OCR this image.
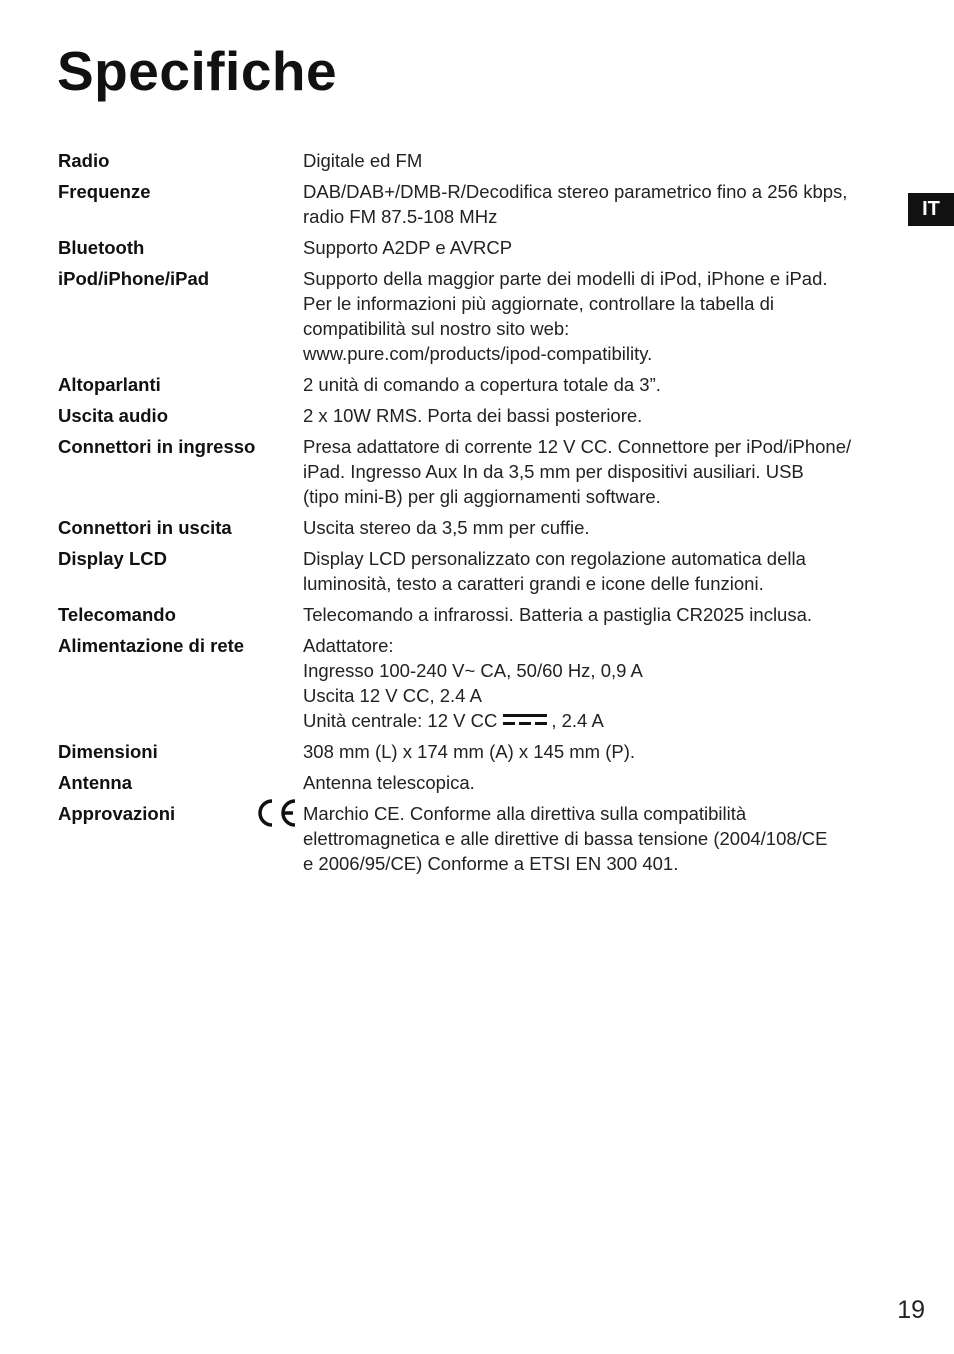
Specifiche
IT
Radio	Digitale ed FM
Frequenze	DAB/DAB+/DMB-R/Decodifica stereo parametrico fino a 256 kbps,
radio FM 87.5-108 MHz
Bluetooth	Supporto A2DP e AVRCP
iPod/iPhone/iPad	Supporto della maggior parte dei modelli di iPod, iPhone e iPad.
Per le informazioni più aggiornate, controllare la tabella di
compatibilità sul nostro sito web:
www.pure.com/products/ipod-compatibility.
Altoparlanti	2 unità di comando a copertura totale da 3”.
Uscita audio	2 x 10W RMS. Porta dei bassi posteriore.
Connettori in ingresso	Presa adattatore di corrente 12 V CC. Connettore per iPod/iPhone/
iPad. Ingresso Aux In da 3,5 mm per dispositivi ausiliari. USB
(tipo mini-B) per gli aggiornamenti software.
Connettori in uscita	Uscita stereo da 3,5 mm per cuffie.
Display LCD	Display LCD personalizzato con regolazione automatica della
luminosità, testo a caratteri grandi e icone delle funzioni.
Telecomando	Telecomando a infrarossi. Batteria a pastiglia CR2025 inclusa.
Alimentazione di rete	Adattatore:
Ingresso 100-240 V~ CA, 50/60 Hz, 0,9 A
Uscita 12 V CC, 2.4 A
Unità centrale: 12 V CC	, 2.4 A
Dimensioni	308 mm (L) x 174 mm (A) x 145 mm (P).
Antenna	Antenna telescopica.
Approvazioni	Marchio CE. Conforme alla direttiva sulla compatibilità
elettromagnetica e alle direttive di bassa tensione (2004/108/CE
e 2006/95/CE) Conforme a ETSI EN 300 401.
19
